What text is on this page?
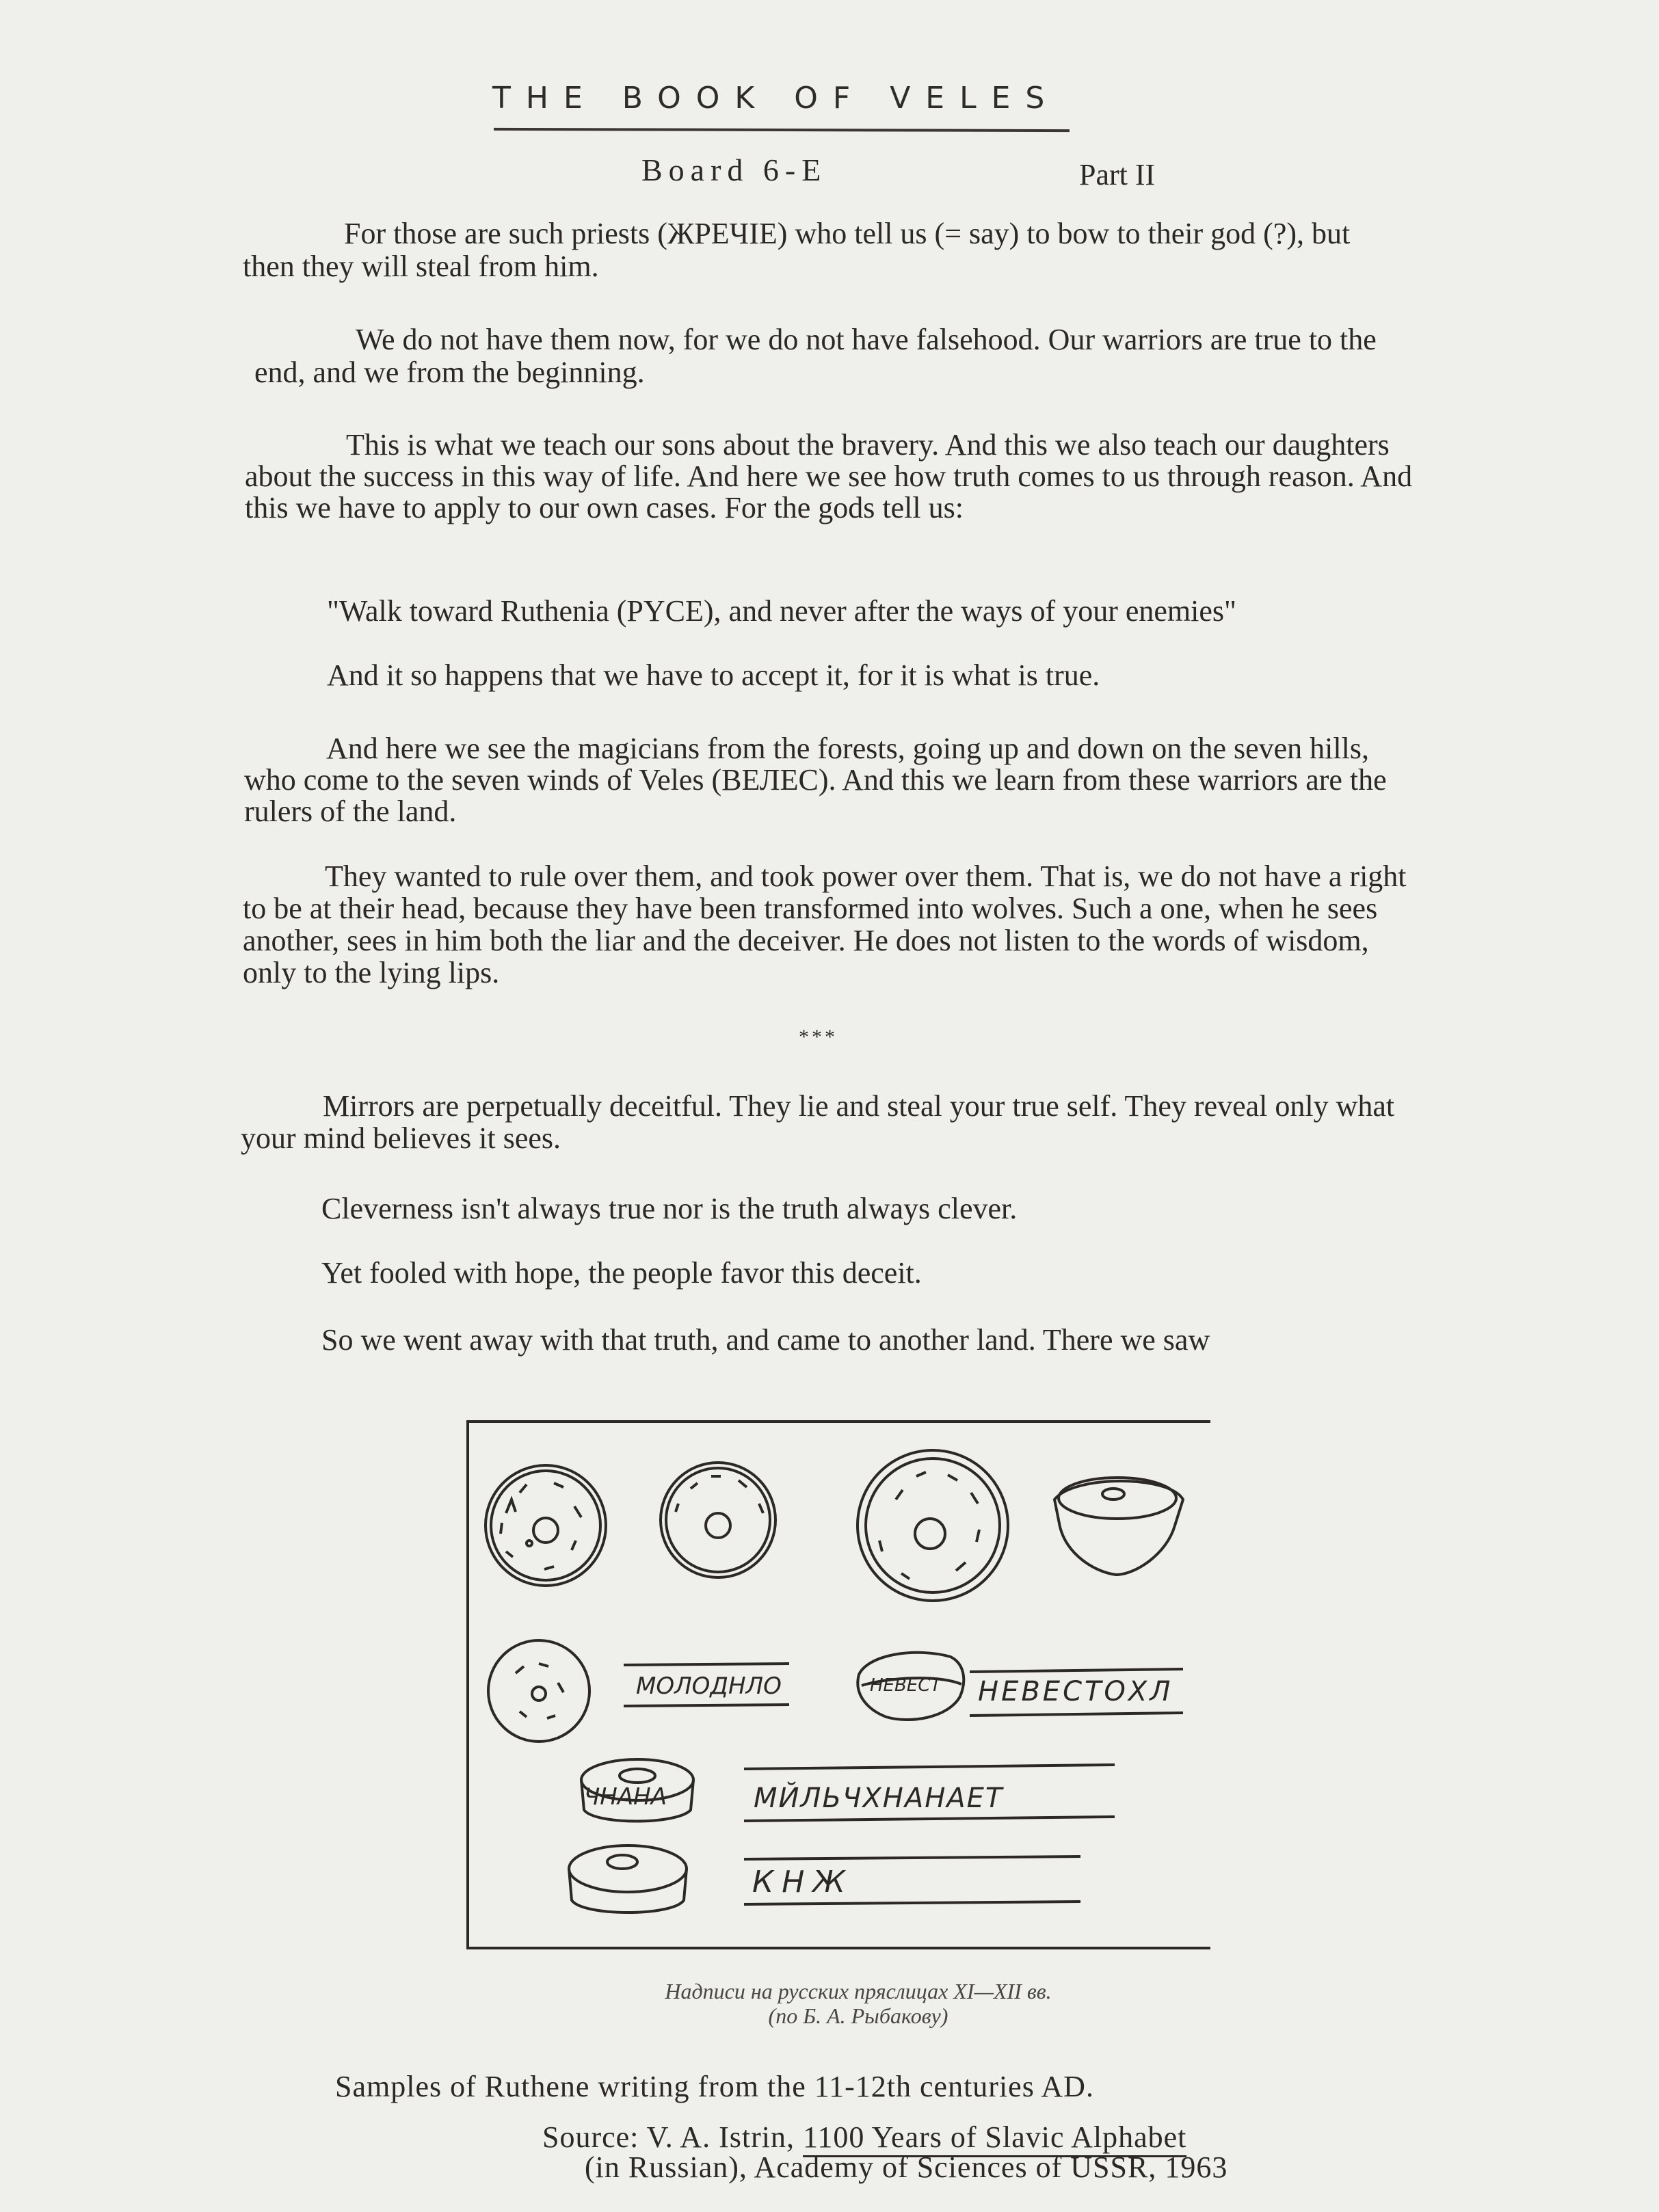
THE BOOK OF VELES
Board 6-E	Part II

For those are such priests (ЖРЕЧIE) who tell us (= say) to bow to their god (?), but then they will steal from him.

We do not have them now, for we do not have falsehood. Our warriors are true to the end, and we from the beginning.

This is what we teach our sons about the bravery. And this we also teach our daughters about the success in this way of life. And here we see how truth comes to us through reason. And this we have to apply to our own cases. For the gods tell us:

"Walk toward Ruthenia (PYCE), and never after the ways of your enemies"
And it so happens that we have to accept it, for it is what is true.

And here we see the magicians from the forests, going up and down on the seven hills, who come to the seven winds of Veles (ВЕЛЕС). And this we learn from these warriors are the rulers of the land.

They wanted to rule over them, and took power over them. That is, we do not have a right to be at their head, because they have been transformed into wolves. Such a one, when he sees another, sees in him both the liar and the deceiver. He does not listen to the words of wisdom, only to the lying lips.

***

Mirrors are perpetually deceitful. They lie and steal your true self. They reveal only what your mind believes it sees.

Cleverness isn't always true nor is the truth always clever.
Yet fooled with hope, the people favor this deceit.
So we went away with that truth, and came to another land. There we saw
МОЛОДНЛО	НЕВЕСТ НЕВЕСТОХЛ
ЧНАНА	МЙЛЬЧХНАНАЕТ
КНЖ
Надписи на русских пряслицах XI—XII вв.
(по Б. А. Рыбакову)
Samples of Ruthene writing from the 11-12th centuries AD.
Source: V. A. Istrin, 1100 Years of Slavic Alphabet
(in Russian), Academy of Sciences of USSR, 1963
